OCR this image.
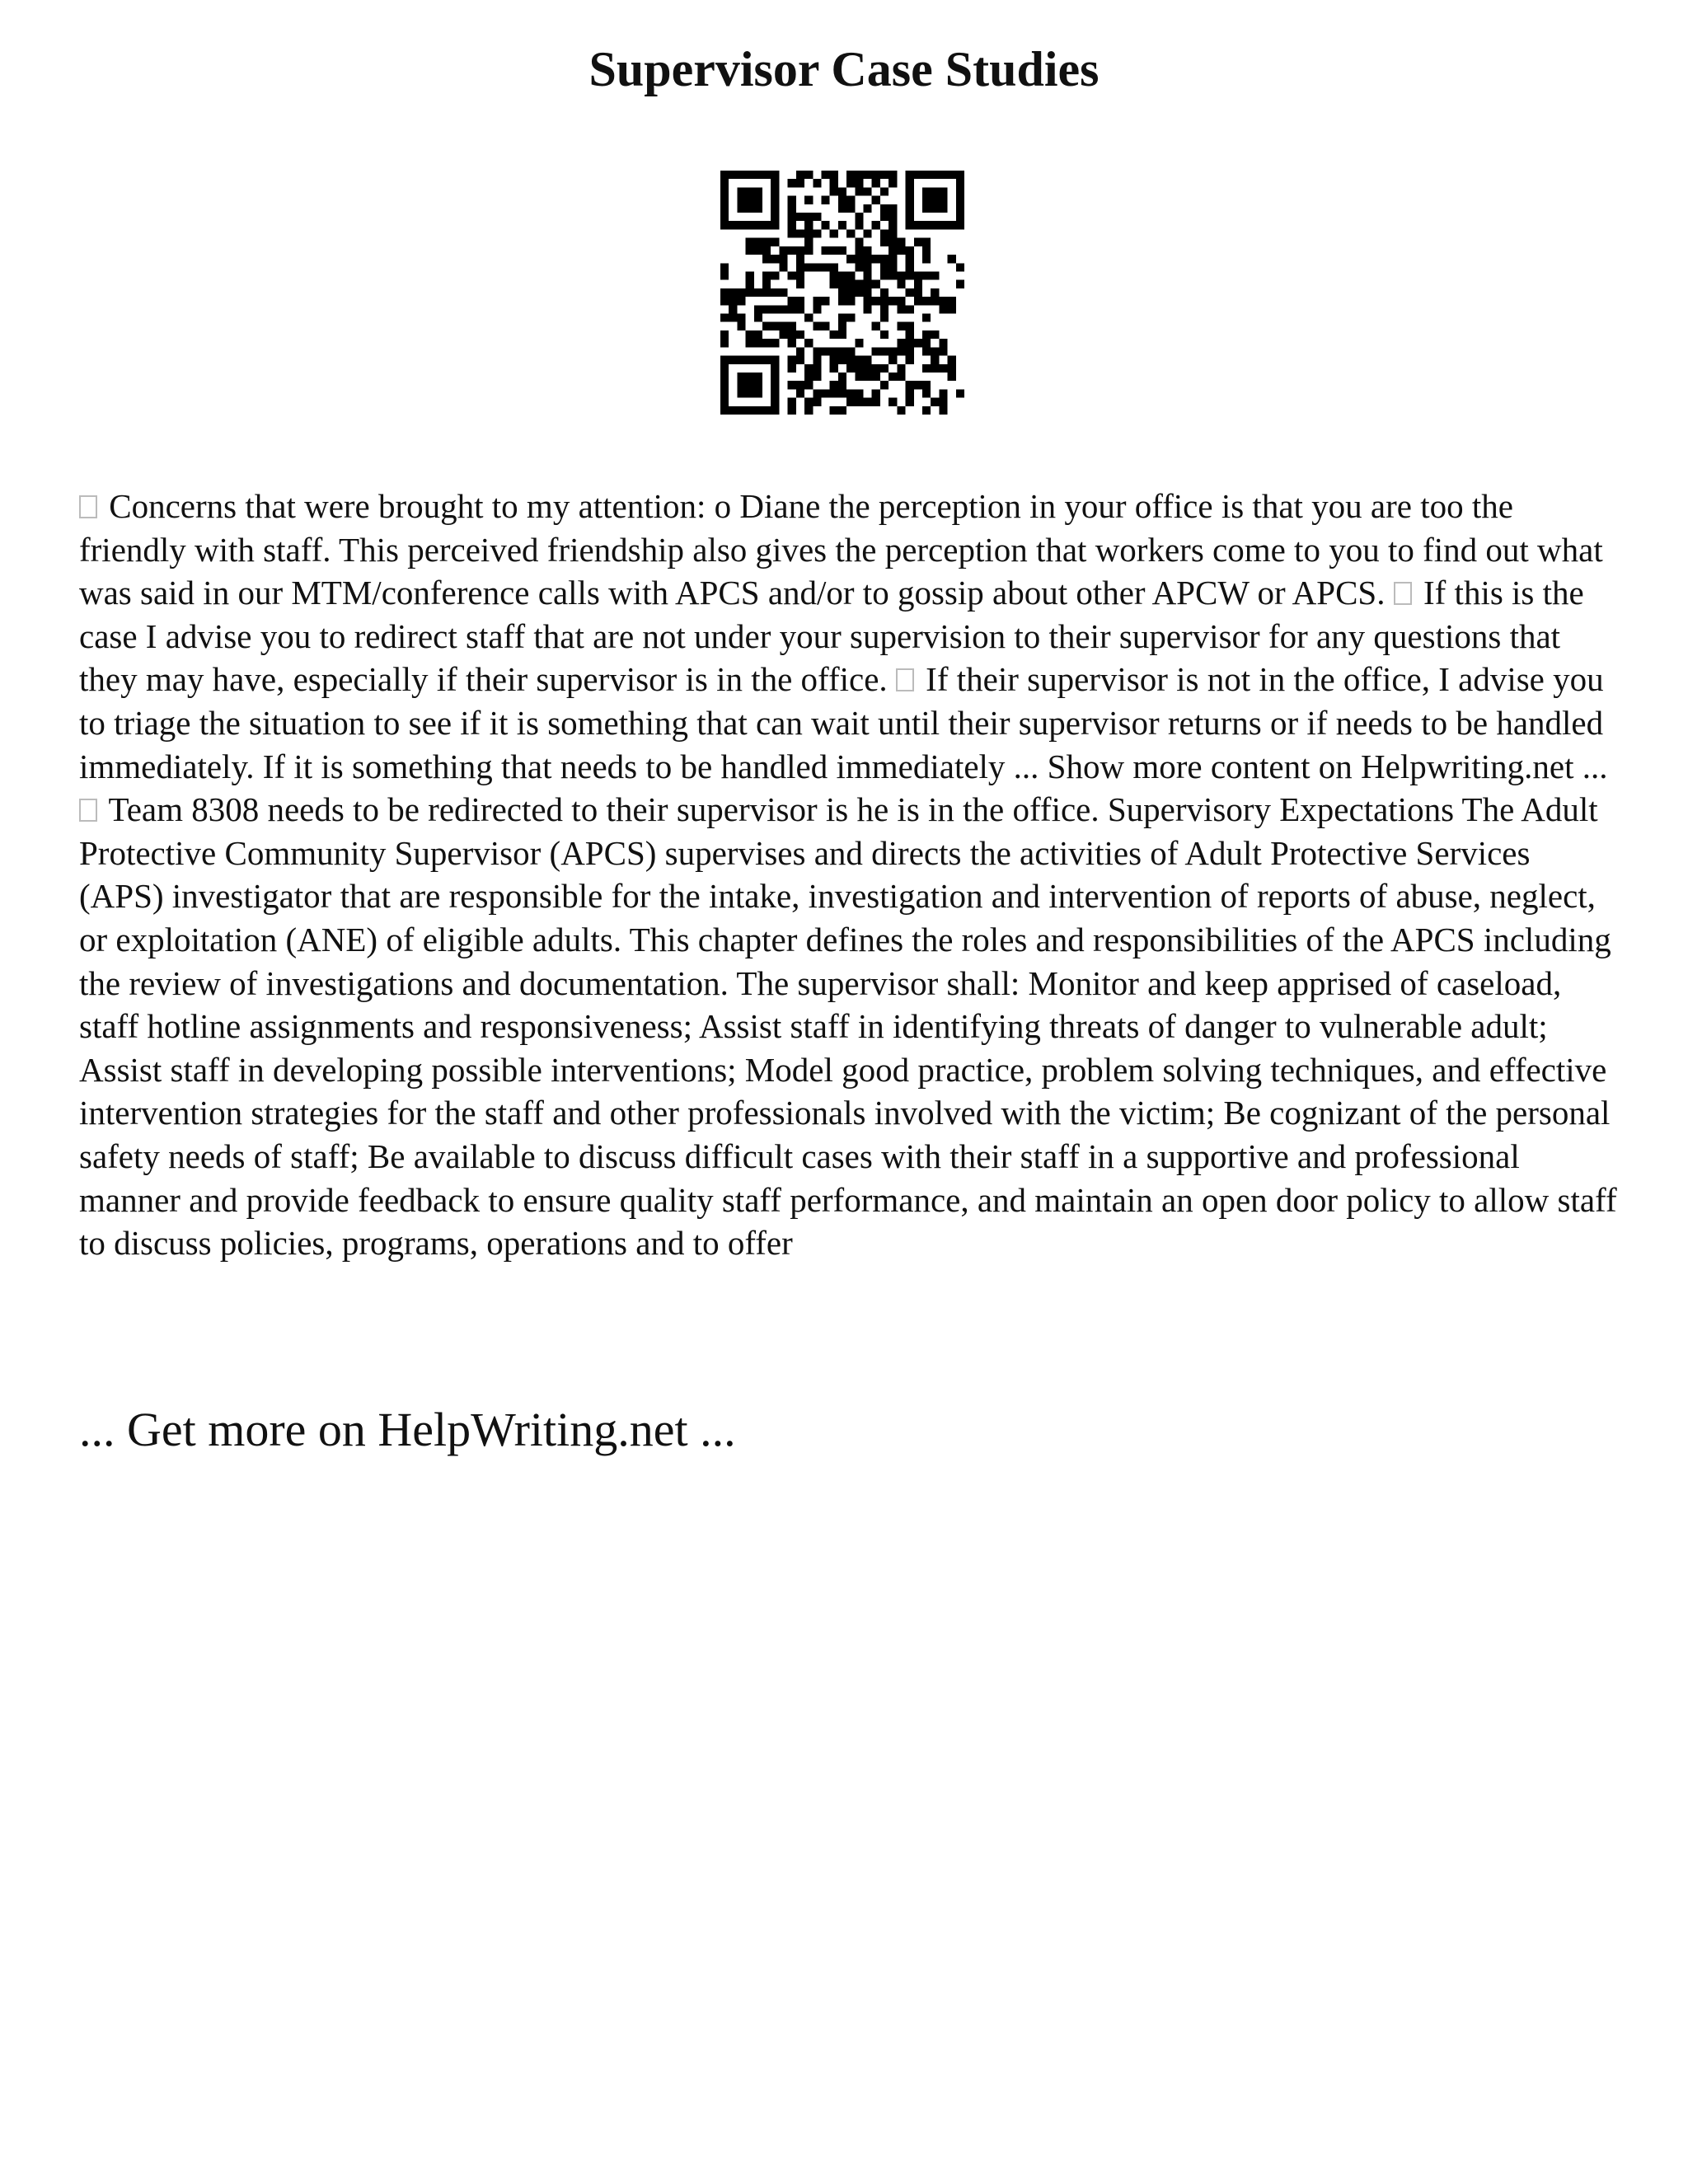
Supervisor Case Studies

Concerns that were brought to my attention: o Diane the perception in your office is that you are too the friendly with staff. This perceived friendship also gives the perception that workers come to you to find out what was said in our MTM/conference calls with APCS and/or to gossip about other APCW or APCS.  If this is the case I advise you to redirect staff that are not under your supervision to their supervisor for any questions that they may have, especially if their supervisor is in the office.  If their supervisor is not in the office, I advise you to triage the situation to see if it is something that can wait until their supervisor returns or if needs to be handled immediately. If it is something that needs to be handled immediately ... Show more content on Helpwriting.net ...

Team 8308 needs to be redirected to their supervisor is he is in the office. Supervisory Expectations The Adult Protective Community Supervisor (APCS) supervises and directs the activities of Adult Protective Services (APS) investigator that are responsible for the intake, investigation and intervention of reports of abuse, neglect, or exploitation (ANE) of eligible adults. This chapter defines the roles and responsibilities of the APCS including the review of investigations and documentation. The supervisor shall: Monitor and keep apprised of caseload, staff hotline assignments and responsiveness; Assist staff in identifying threats of danger to vulnerable adult; Assist staff in developing possible interventions; Model good practice, problem solving techniques, and effective intervention strategies for the staff and other professionals involved with the victim; Be cognizant of the personal safety needs of staff; Be available to discuss difficult cases with their staff in a supportive and professional manner and provide feedback to ensure quality staff performance, and maintain an open door policy to allow staff to discuss policies, programs, operations and to offer

... Get more on HelpWriting.net ...
